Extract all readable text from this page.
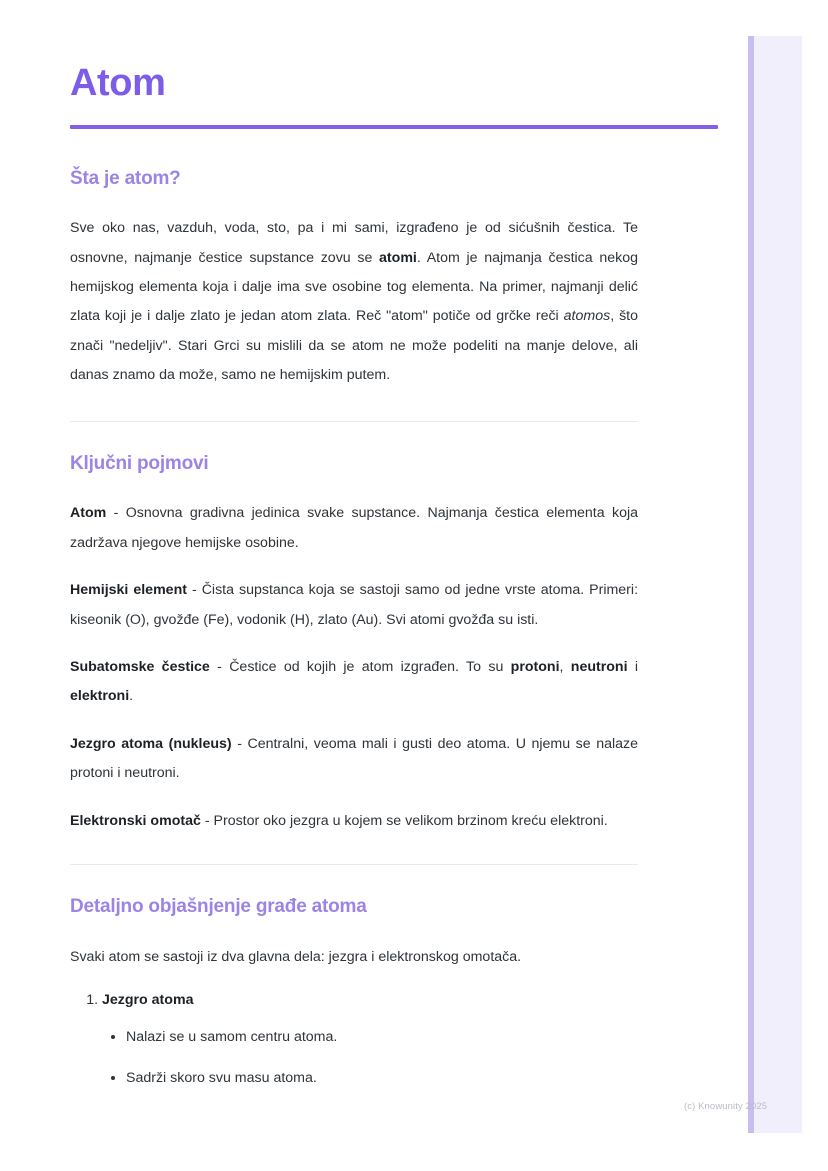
Atom
Šta je atom?

Sve oko nas, vazduh, voda, sto, pa i mi sami, izgrađeno je od sićušnih čestica. Te osnovne, najmanje čestice supstance zovu se atomi. Atom je najmanja čestica nekog hemijskog elementa koja i dalje ima sve osobine tog elementa. Na primer, najmanji delić zlata koji je i dalje zlato je jedan atom zlata. Reč "atom" potiče od grčke reči atomos, što znači "nedeljiv". Stari Grci su mislili da se atom ne može podeliti na manje delove, ali danas znamo da može, samo ne hemijskim putem.

Ključni pojmovi

Atom - Osnovna gradivna jedinica svake supstance. Najmanja čestica elementa koja zadržava njegove hemijske osobine.

Hemijski element - Čista supstanca koja se sastoji samo od jedne vrste atoma. Primeri: kiseonik (O), gvožđe (Fe), vodonik (H), zlato (Au). Svi atomi gvožđa su isti.

Subatomske čestice - Čestice od kojih je atom izgrađen. To su protoni, neutroni i elektroni.

Jezgro atoma (nukleus) - Centralni, veoma mali i gusti deo atoma. U njemu se nalaze protoni i neutroni.

Elektronski omotač - Prostor oko jezgra u kojem se velikom brzinom kreću elektroni.

Detaljno objašnjenje građe atoma

Svaki atom se sastoji iz dva glavna dela: jezgra i elektronskog omotača.

1. Jezgro atoma
• Nalazi se u samom centru atoma.
• Sadrži skoro svu masu atoma.
(c) Knowunity 2025
